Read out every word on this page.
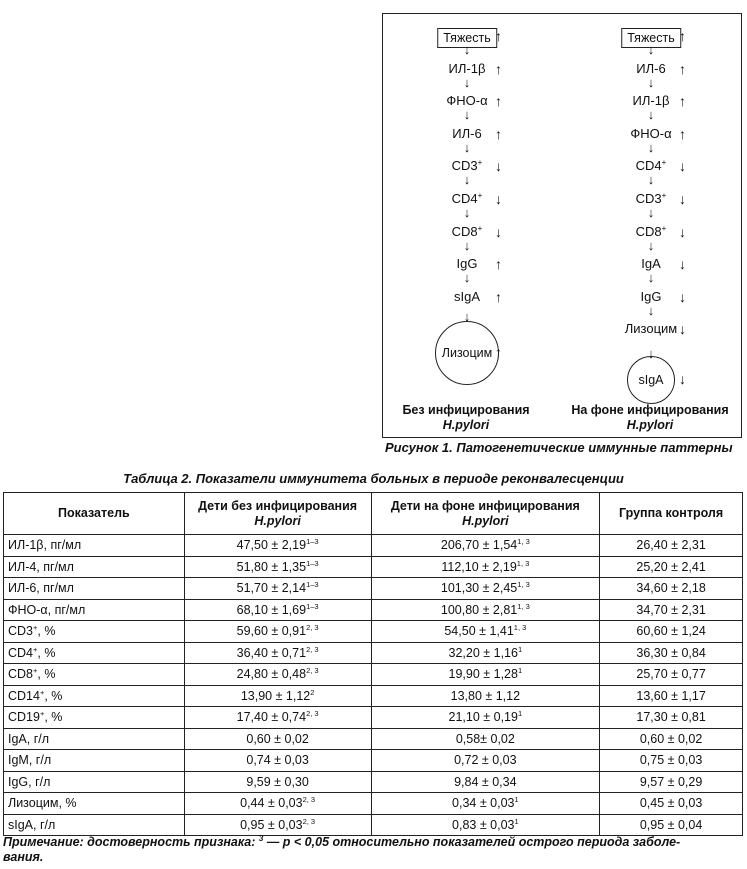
Тяжесть ↑
↓
ИЛ-1β ↑
↓
ФНО-α ↑
↓
ИЛ-6 ↑
↓
CD3+ ↓
↓
CD4+ ↓
↓
CD8+ ↓
↓
IgG	↑
↓
sIgA	↑
↓
Лизоцим ↑
Тяжесть ↑
↓
ИЛ-6 ↑
↓
ИЛ-1β ↑
↓
ФНО-α ↑
↓
CD4+ ↓
↓
CD3+ ↓
↓
CD8+ ↓
↓
IgA	↓
↓
IgG	↓
↓
Лизоцим ↓
↓
sIgA	↓
Без инфицирования
H.pylori
На фоне инфицирования
H.pylori
Рисунок 1. Патогенетические иммунные паттерны
Таблица 2. Показатели иммунитета больных в периоде реконвалесценции
Показатель	Дети без инфицирования
H.pylori	Дети на фоне инфицирования
H.pylori	Группа контроля
ИЛ-1β, пг/мл	$47,50 \pm 2,19^{1-3}$	$206,70 \pm 1,54^{1, 3}$	26,40 ± 2,31
ИЛ-4, пг/мл	$51,80 \pm 1,35^{1-3}$	$112,10 \pm 2,19^{1, 3}$	25,20 ± 2,41
ИЛ-6, пг/мл	$51,70 \pm 2,14^{1-3}$	$101,30 \pm 2,45^{1, 3}$	34,60 ± 2,18
ФНО-α, пг/мл	$68,10 \pm 1,69^{1-3}$	$100,80 \pm 2,81^{1, 3}$	34,70 ± 2,31
CD3+, %	$59,60 \pm 0,91^{2, 3}$	$54,50 \pm 1,41^{1, 3}$	60,60 ± 1,24
CD4+, %	$36,40 \pm 0,71^{2, 3}$	$32,20 \pm 1,16^1$	36,30 ± 0,84
CD8+, %	$24,80 \pm 0,48^{2, 3}$	$19,90 \pm 1,28^1$	25,70 ± 0,77
CD14+, %	$13,90 \pm 1,12^2$	13,80 ± 1,12	13,60 ± 1,17
CD19+, %	$17,40 \pm 0,74^{2, 3}$	$21,10 \pm 0,19^1$	17,30 ± 0,81
IgA, г/л	0,60 ± 0,02	0,58± 0,02	0,60 ± 0,02
IgM, г/л	0,74 ± 0,03	0,72 ± 0,03	0,75 ± 0,03
IgG, г/л	9,59 ± 0,30	9,84 ± 0,34	9,57 ± 0,29
Лизоцим, %	$0,44 \pm 0,03^{2, 3}$	$0,34 \pm 0,03^1$	0,45 ± 0,03
sIgA, г/л	$0,95 \pm 0,03^{2, 3}$	$0,83 \pm 0,03^1$	0,95 ± 0,04
Примечание: достоверность признака: $^3$ — p < 0,05 относительно показателей острого периода заболе-
вания.
